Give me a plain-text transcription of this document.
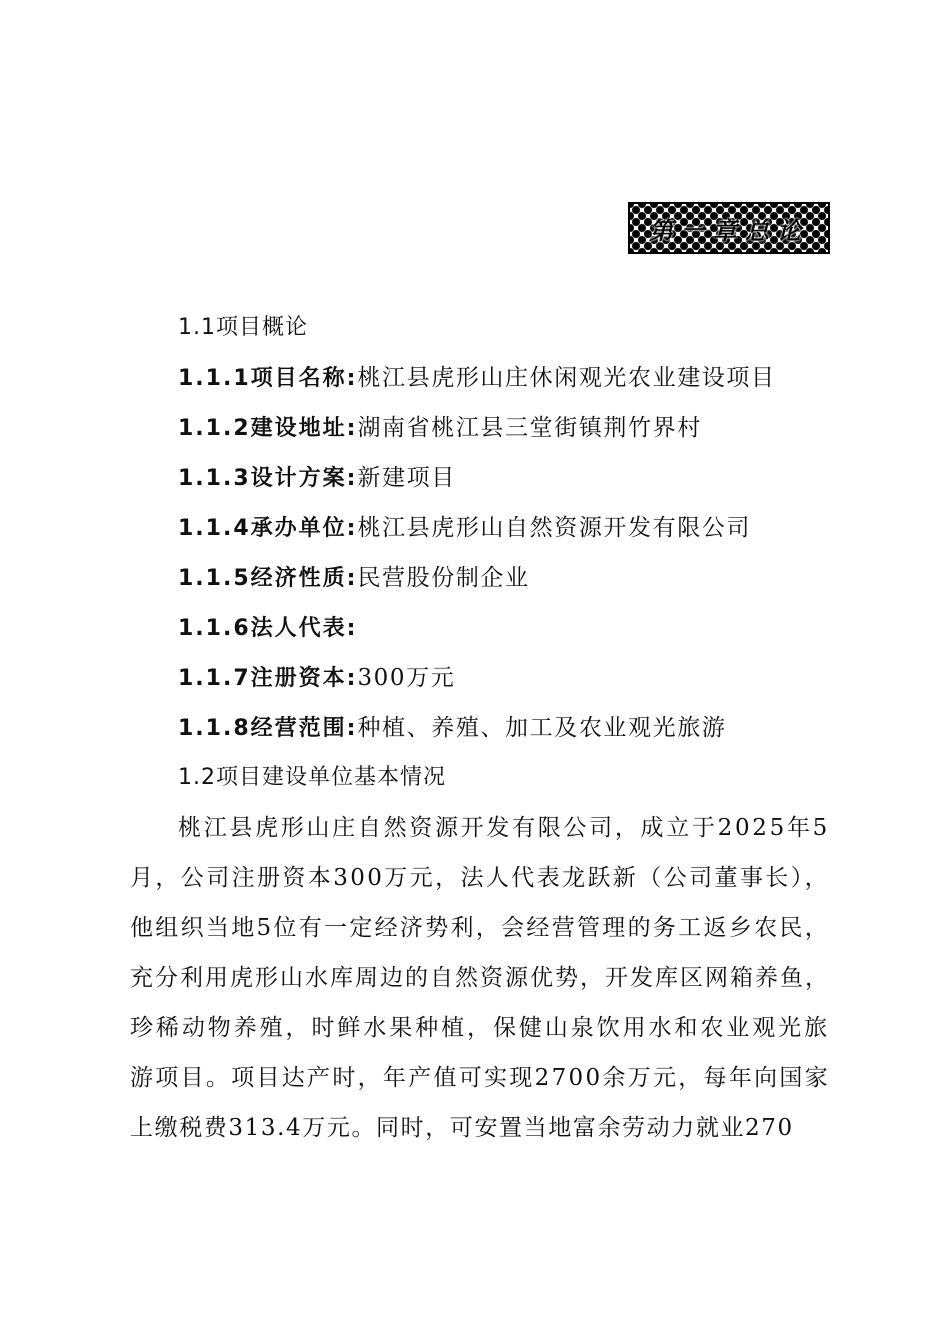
第一章总论
1.1项目概论
1.1.1项目名称:桃江县虎形山庄休闲观光农业建设项目
1.1.2建设地址:湖南省桃江县三堂街镇荆竹界村
1.1.3设计方案:新建项目
1.1.4承办单位:桃江县虎形山自然资源开发有限公司
1.1.5经济性质:民营股份制企业
1.1.6法人代表:
1.1.7注册资本:300万元
1.1.8经营范围:种植、养殖、加工及农业观光旅游
1.2项目建设单位基本情况
桃江县虎形山庄自然资源开发有限公司，成立于2025年5
月，公司注册资本300万元，法人代表龙跃新（公司董事长），
他组织当地5位有一定经济势利，会经营管理的务工返乡农民，
充分利用虎形山水库周边的自然资源优势，开发库区网箱养鱼，
珍稀动物养殖，时鲜水果种植，保健山泉饮用水和农业观光旅
游项目。项目达产时，年产值可实现2700余万元，每年向国家
上缴税费313.4万元。同时，可安置当地富余劳动力就业270
